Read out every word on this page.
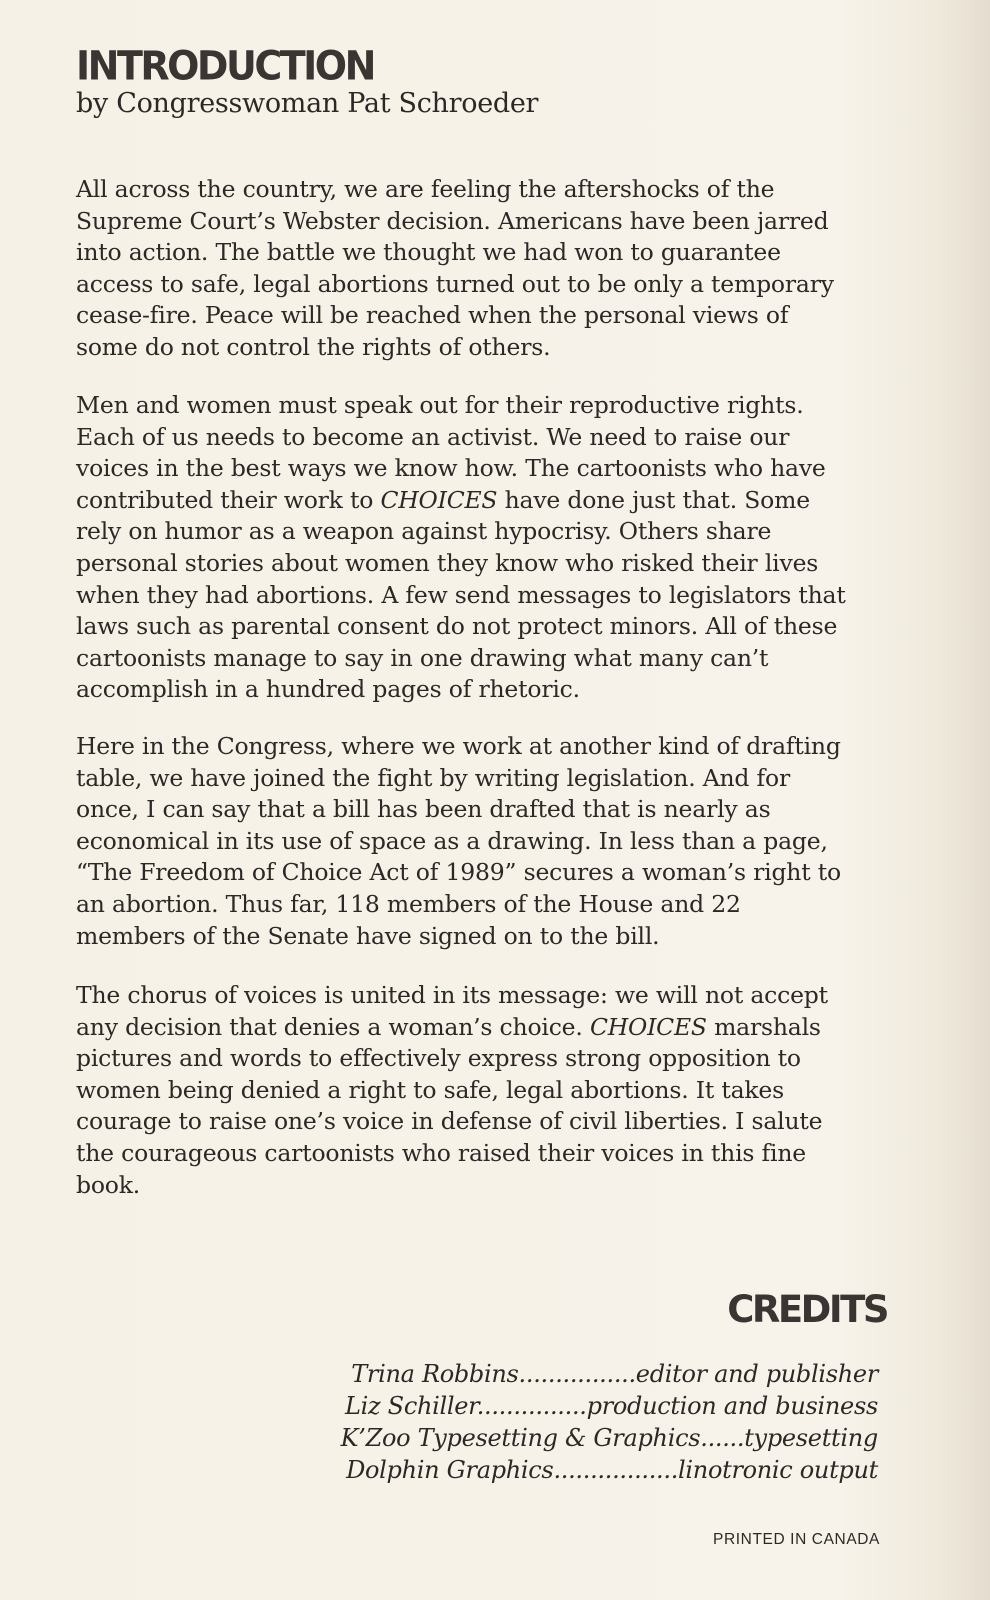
INTRODUCTION
by Congresswoman Pat Schroeder
All across the country, we are feeling the aftershocks of the
Supreme Court’s Webster decision. Americans have been jarred
into action. The battle we thought we had won to guarantee
access to safe, legal abortions turned out to be only a temporary
cease-fire. Peace will be reached when the personal views of
some do not control the rights of others.
Men and women must speak out for their reproductive rights.
Each of us needs to become an activist. We need to raise our
voices in the best ways we know how. The cartoonists who have
contributed their work to CHOICES have done just that. Some
rely on humor as a weapon against hypocrisy. Others share
personal stories about women they know who risked their lives
when they had abortions. A few send messages to legislators that
laws such as parental consent do not protect minors. All of these
cartoonists manage to say in one drawing what many can’t
accomplish in a hundred pages of rhetoric.
Here in the Congress, where we work at another kind of drafting
table, we have joined the fight by writing legislation. And for
once, I can say that a bill has been drafted that is nearly as
economical in its use of space as a drawing. In less than a page,
“The Freedom of Choice Act of 1989” secures a woman’s right to
an abortion. Thus far, 118 members of the House and 22
members of the Senate have signed on to the bill.
The chorus of voices is united in its message: we will not accept
any decision that denies a woman’s choice. CHOICES marshals
pictures and words to effectively express strong opposition to
women being denied a right to safe, legal abortions. It takes
courage to raise one’s voice in defense of civil liberties. I salute
the courageous cartoonists who raised their voices in this fine
book.
CREDITS
Trina Robbins................editor and publisher
Liz Schiller...............production and business
K’Zoo Typesetting & Graphics......typesetting
Dolphin Graphics.................linotronic output
PRINTED IN CANADA
